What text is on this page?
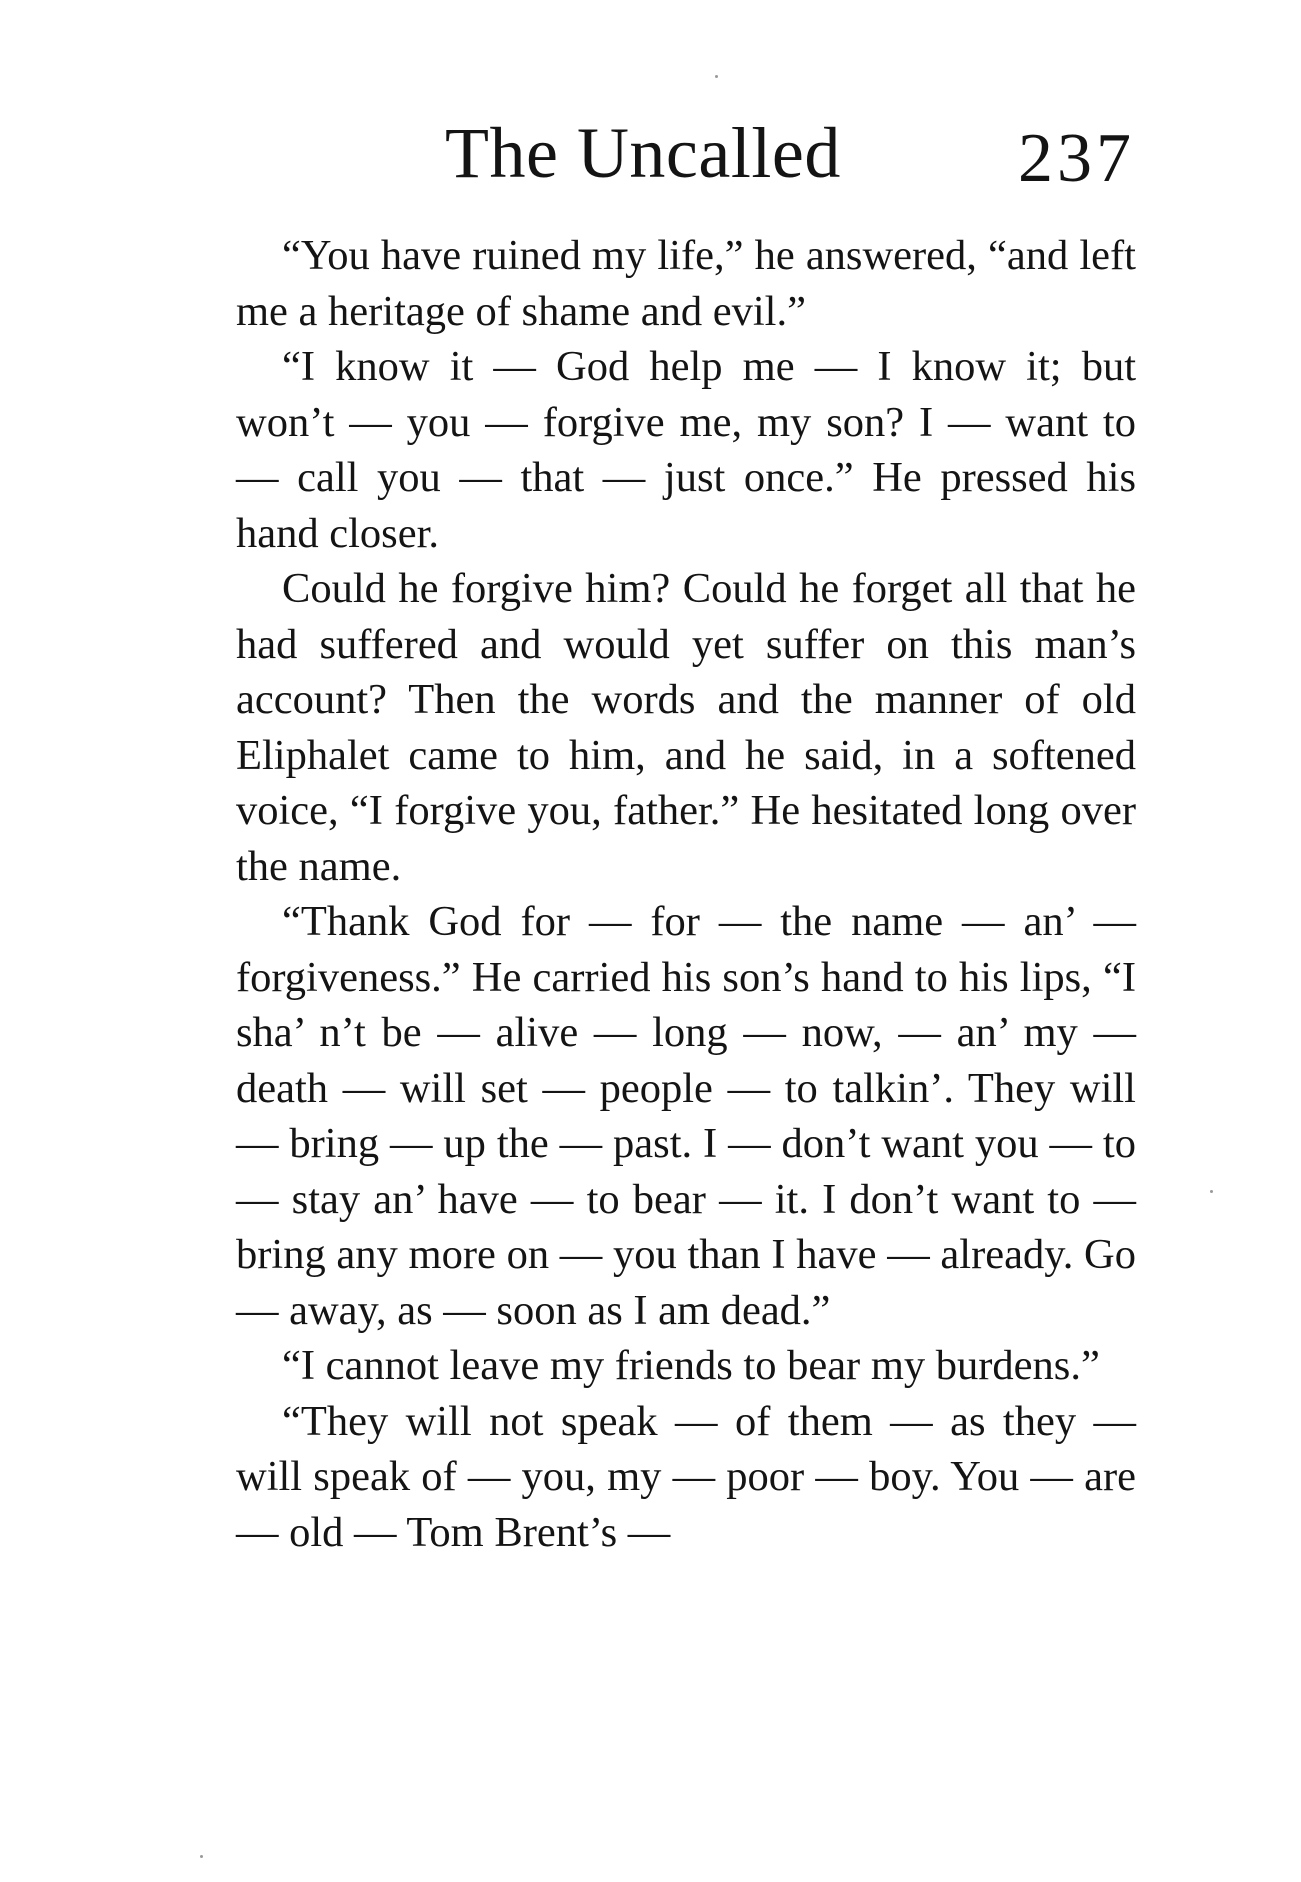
The Uncalled	237

“You have ruined my life,” he answered, “and left me a heritage of shame and evil.”

“I know it — God help me — I know it; but won’t — you — forgive me, my son? I — want to — call you — that — just once.” He pressed his hand closer.

Could he forgive him? Could he forget all that he had suffered and would yet suffer on this man’s account? Then the words and the manner of old Eliphalet came to him, and he said, in a softened voice, “I forgive you, father.” He hesitated long over the name.

“Thank God for — for — the name — an’ — forgiveness.” He carried his son’s hand to his lips, “I sha’ n’t be — alive — long — now, — an’ my — death — will set — people — to talkin’. They will — bring — up the — past. I — don’t want you — to — stay an’ have — to bear — it. I don’t want to — bring any more on — you than I have — already. Go — away, as — soon as I am dead.”

“I cannot leave my friends to bear my burdens.”

“They will not speak — of them — as they — will speak of — you, my — poor — boy. You — are — old — Tom Brent’s —
